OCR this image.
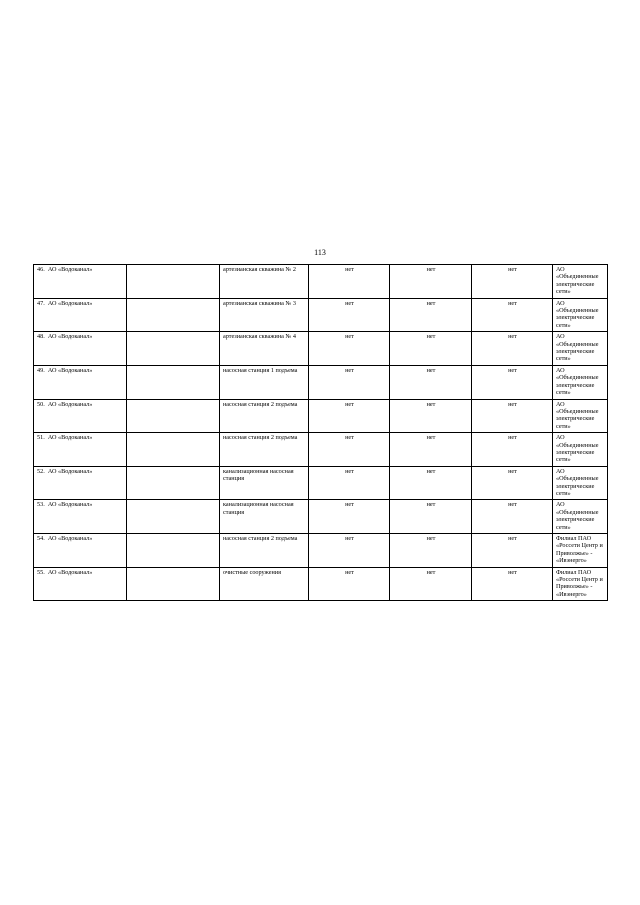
113
46. АО «Водоканал»		артезианская скважина № 2	нет	нет	нет	АО «Объединенные электрические сети»
47. АО «Водоканал»		артезианская скважина № 3	нет	нет	нет	АО «Объединенные электрические сети»
48. АО «Водоканал»		артезианская скважина № 4	нет	нет	нет	АО «Объединенные электрические сети»
49. АО «Водоканал»		насосная станция 1 подъема	нет	нет	нет	АО «Объединенные электрические сети»
50. АО «Водоканал»		насосная станция 2 подъема	нет	нет	нет	АО «Объединенные электрические сети»
51. АО «Водоканал»		насосная станция 2 подъема	нет	нет	нет	АО «Объединенные электрические сети»
52. АО «Водоканал»		канализационная насосная станция	нет	нет	нет	АО «Объединенные электрические сети»
53. АО «Водоканал»		канализационная насосная станция	нет	нет	нет	АО «Объединенные электрические сети»
54. АО «Водоканал»		насосная станция 2 подъема	нет	нет	нет	Филиал ПАО «Россети Центр и Приволжье» - «Ивэнерго»
55. АО «Водоканал»		очистные сооружения	нет	нет	нет	Филиал ПАО «Россети Центр и Приволжье» - «Ивэнерго»
